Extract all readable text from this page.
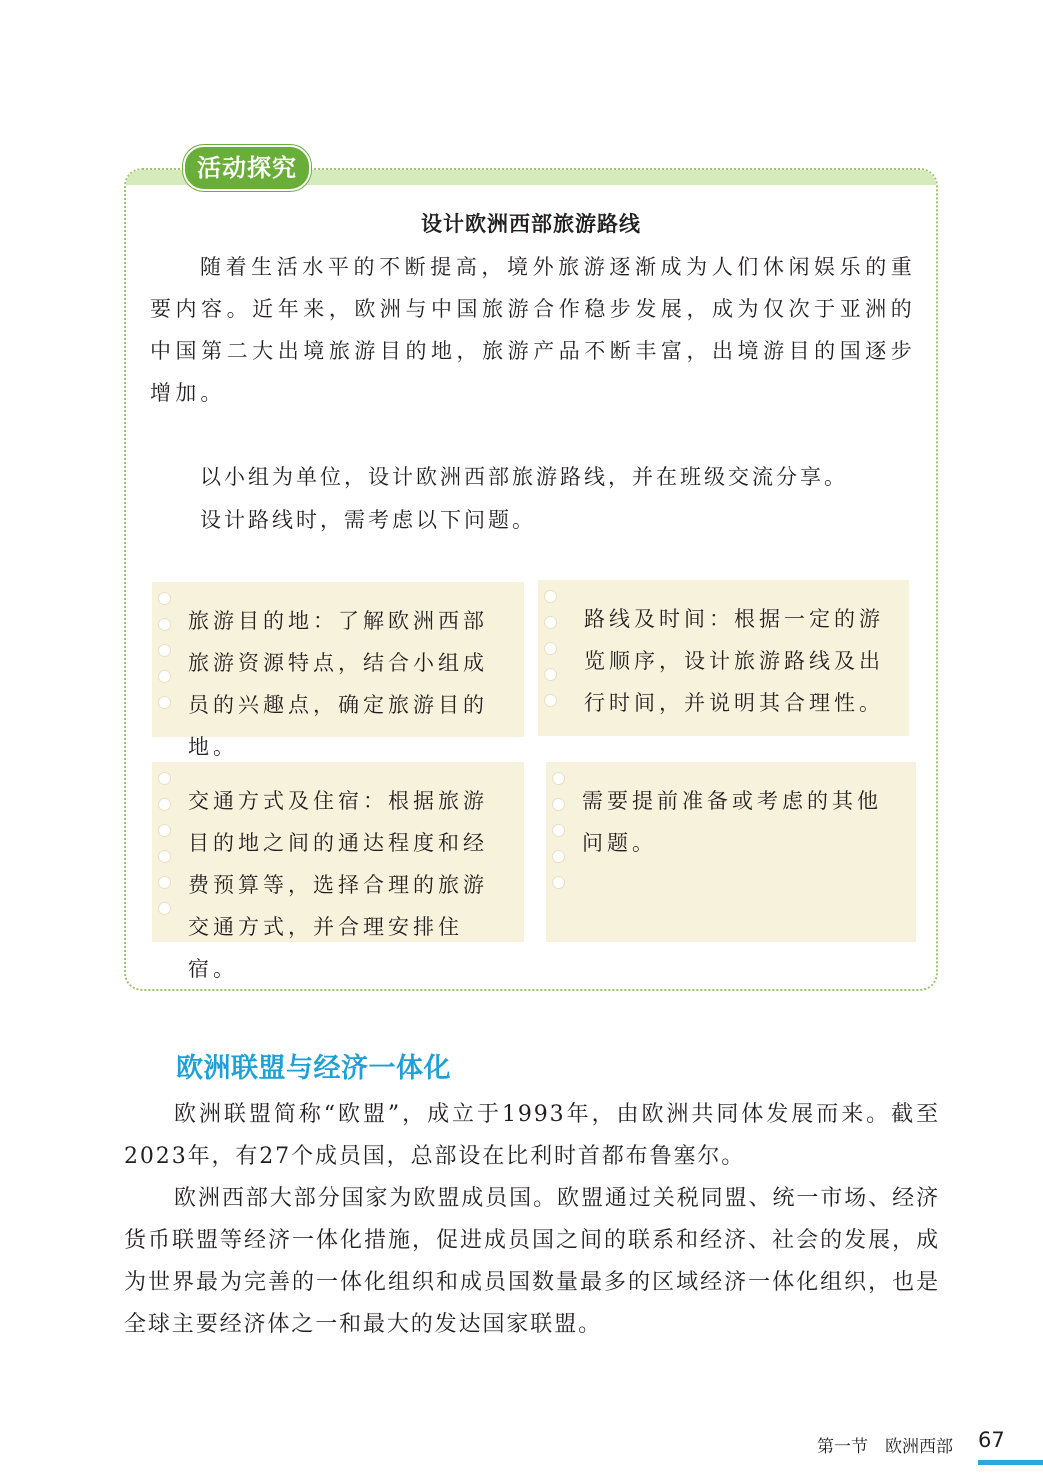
活动探究
设计欧洲西部旅游路线

随着生活水平的不断提高，境外旅游逐渐成为人们休闲娱乐的重要内容。近年来，欧洲与中国旅游合作稳步发展，成为仅次于亚洲的中国第二大出境旅游目的地，旅游产品不断丰富，出境游目的国逐步增加。

以小组为单位，设计欧洲西部旅游路线，并在班级交流分享。

设计路线时，需考虑以下问题。

旅游目的地：了解欧洲西部旅游资源特点，结合小组成员的兴趣点，确定旅游目的地。

路线及时间：根据一定的游览顺序，设计旅游路线及出行时间，并说明其合理性。

交通方式及住宿：根据旅游目的地之间的通达程度和经费预算等，选择合理的旅游交通方式，并合理安排住宿。

需要提前准备或考虑的其他问题。

欧洲联盟与经济一体化

欧洲联盟简称“欧盟”，成立于1993年，由欧洲共同体发展而来。截至2023年，有27个成员国，总部设在比利时首都布鲁塞尔。

欧洲西部大部分国家为欧盟成员国。欧盟通过关税同盟、统一市场、经济货币联盟等经济一体化措施，促进成员国之间的联系和经济、社会的发展，成为世界最为完善的一体化组织和成员国数量最多的区域经济一体化组织，也是全球主要经济体之一和最大的发达国家联盟。

第一节　欧洲西部 67
